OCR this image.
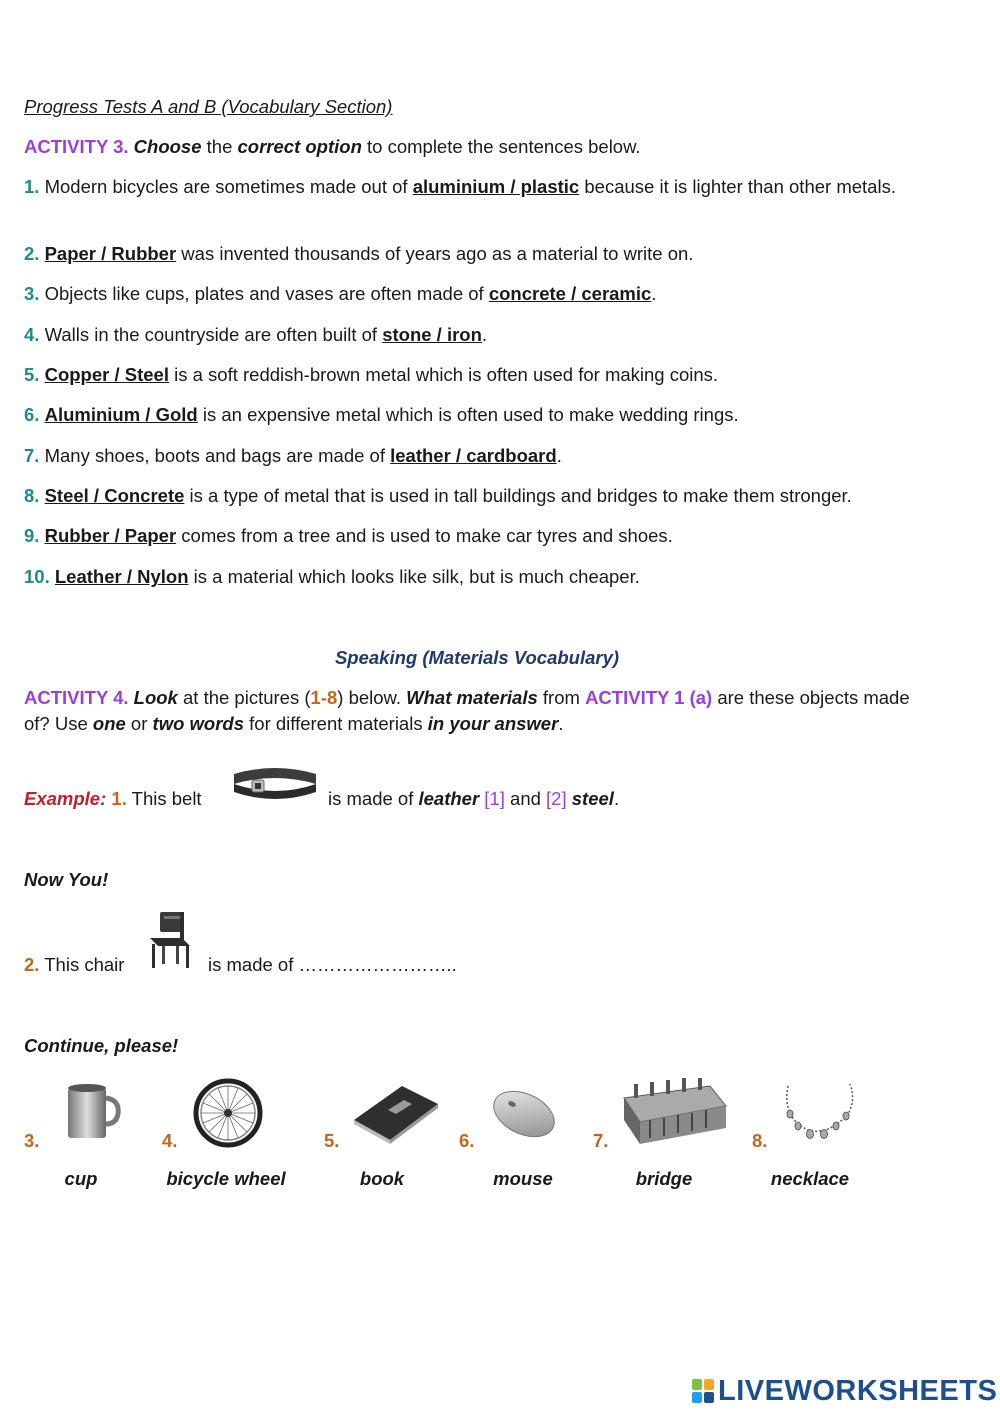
Progress Tests A and B (Vocabulary Section)
ACTIVITY 3. Choose the correct option to complete the sentences below.
1. Modern bicycles are sometimes made out of aluminium / plastic because it is lighter than other metals.
2. Paper / Rubber was invented thousands of years ago as a material to write on.
3. Objects like cups, plates and vases are often made of concrete / ceramic.
4. Walls in the countryside are often built of stone / iron.
5. Copper / Steel is a soft reddish-brown metal which is often used for making coins.
6. Aluminium / Gold is an expensive metal which is often used to make wedding rings.
7. Many shoes, boots and bags are made of leather / cardboard.
8. Steel / Concrete is a type of metal that is used in tall buildings and bridges to make them stronger.
9. Rubber / Paper comes from a tree and is used to make car tyres and shoes.
10. Leather / Nylon is a material which looks like silk, but is much cheaper.
Speaking (Materials Vocabulary)
ACTIVITY 4. Look at the pictures (1-8) below. What materials from ACTIVITY 1 (a) are these objects made of? Use one or two words for different materials in your answer.
Example: 1. This belt	is made of leather [1] and [2] steel.
Now You!
2. This chair	is made of ……………………..
Continue, please!
3.
cup
4.
bicycle wheel
5.
book
6.
mouse
7.
bridge
8.
necklace
LIVEWORKSHEETS
